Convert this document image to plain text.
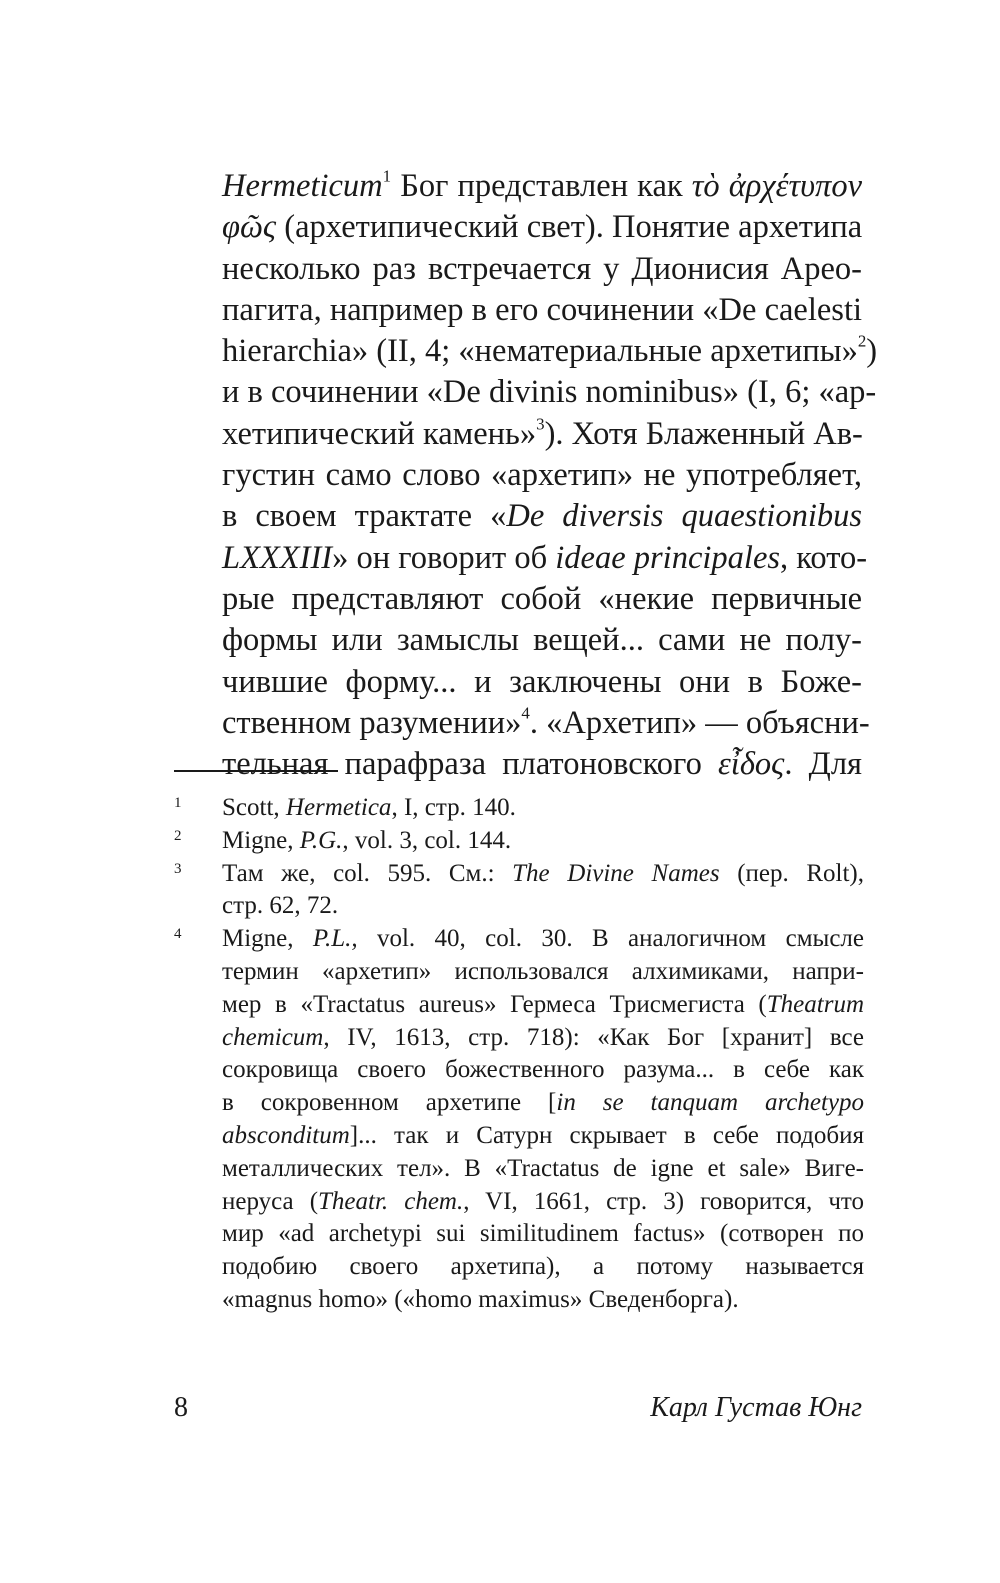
Hermeticum$^1$ Бог представлен как τὸ ἀρχέτυπον
φῶς (архетипический свет). Понятие архетипа
несколько раз встречается у Дионисия Арео-
пагита, например в его сочинении «De caelesti
hierarchia» (II, 4; «нематериальные архетипы»$^2$)
и в сочинении «De divinis nominibus» (I, 6; «ар-
хетипический камень»$^3$). Хотя Блаженный Ав-
густин само слово «архетип» не употребляет,
в своем трактате «De diversis quaestionibus
LXXXIII» он говорит об ideae principales, кото-
рые представляют собой «некие первичные
формы или замыслы вещей... сами не полу-
чившие форму... и заключены они в Боже-
ственном разумении»$^4$. «Архетип» — объясни-
тельная парафраза платоновского εἶδος. Для
1 Scott, Hermetica, I, стр. 140.
2 Migne, P.G., vol. 3, col. 144.
3 Там же, col. 595. См.: The Divine Names (пер. Rolt),
стр. 62, 72.
4 Migne, P.L., vol. 40, col. 30. В аналогичном смысле
термин «архетип» использовался алхимиками, напри-
мер в «Tractatus aureus» Гермеса Трисмегиста (Theatrum
chemicum, IV, 1613, стр. 718): «Как Бог [хранит] все
сокровища своего божественного разума... в себе как
в сокровенном архетипе [in se tanquam archetypo
absconditum]... так и Сатурн скрывает в себе подобия
металлических тел». В «Tractatus de igne et sale» Виге-
неруса (Theatr. chem., VI, 1661, стр. 3) говорится, что
мир «ad archetypi sui similitudinem factus» (сотворен по
подобию своего архетипа), а потому называется
«magnus homo» («homo maximus» Сведенборга).
8	Карл Густав Юнг
